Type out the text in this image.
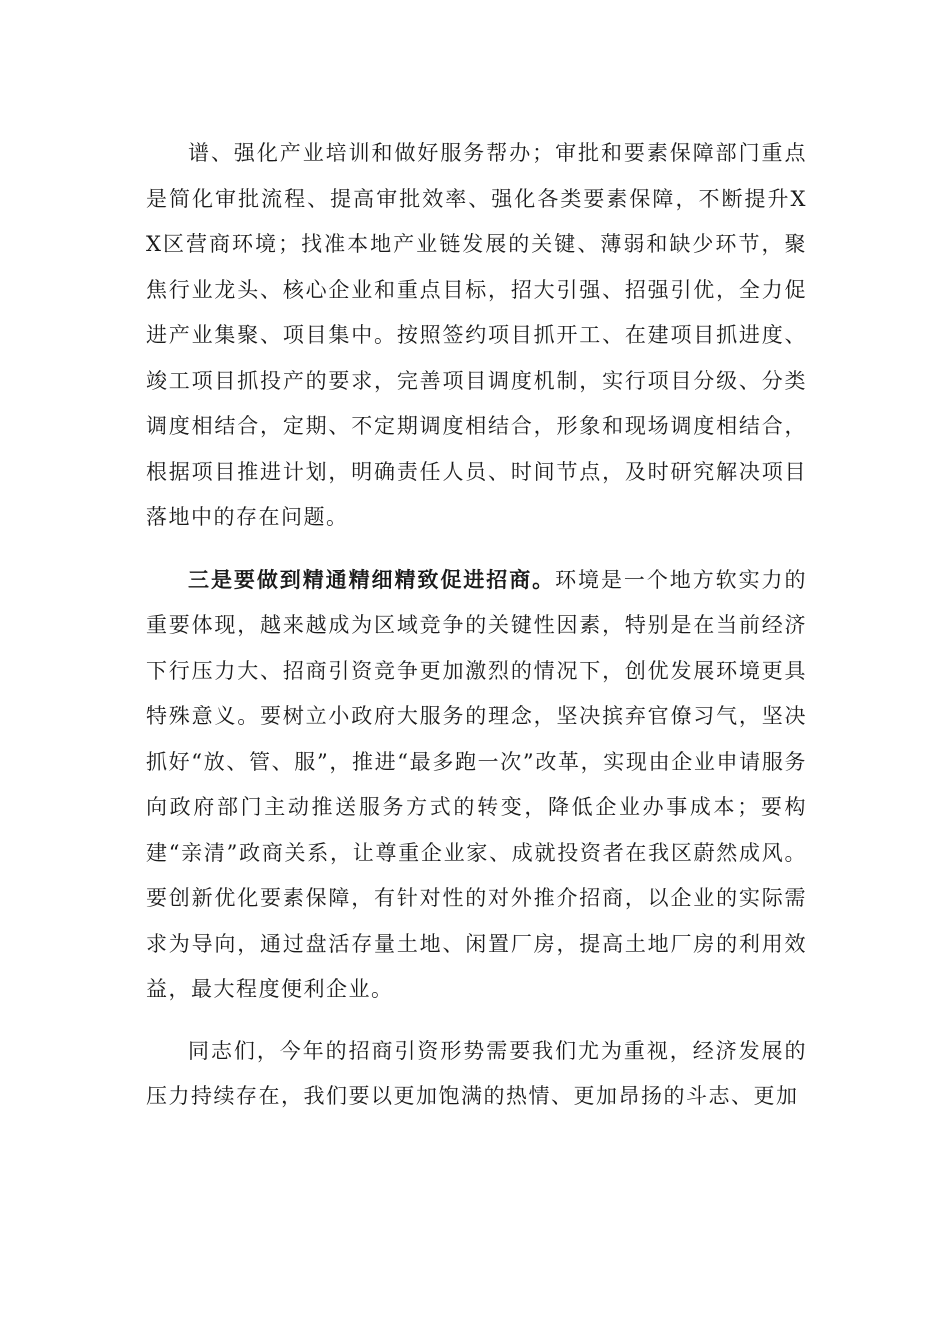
谱、强化产业培训和做好服务帮办；审批和要素保障部门重点是简化审批流程、提高审批效率、强化各类要素保障，不断提升XX区营商环境；找准本地产业链发展的关键、薄弱和缺少环节，聚焦行业龙头、核心企业和重点目标，招大引强、招强引优，全力促进产业集聚、项目集中。按照签约项目抓开工、在建项目抓进度、竣工项目抓投产的要求，完善项目调度机制，实行项目分级、分类调度相结合，定期、不定期调度相结合，形象和现场调度相结合，根据项目推进计划，明确责任人员、时间节点，及时研究解决项目落地中的存在问题。

三是要做到精通精细精致促进招商。环境是一个地方软实力的重要体现，越来越成为区域竞争的关键性因素，特别是在当前经济下行压力大、招商引资竞争更加激烈的情况下，创优发展环境更具特殊意义。要树立小政府大服务的理念，坚决摈弃官僚习气，坚决抓好“放、管、服”，推进“最多跑一次”改革，实现由企业申请服务向政府部门主动推送服务方式的转变，降低企业办事成本；要构建“亲清”政商关系，让尊重企业家、成就投资者在我区蔚然成风。要创新优化要素保障，有针对性的对外推介招商，以企业的实际需求为导向，通过盘活存量土地、闲置厂房，提高土地厂房的利用效益，最大程度便利企业。

同志们，今年的招商引资形势需要我们尤为重视，经济发展的压力持续存在，我们要以更加饱满的热情、更加昂扬的斗志、更加
